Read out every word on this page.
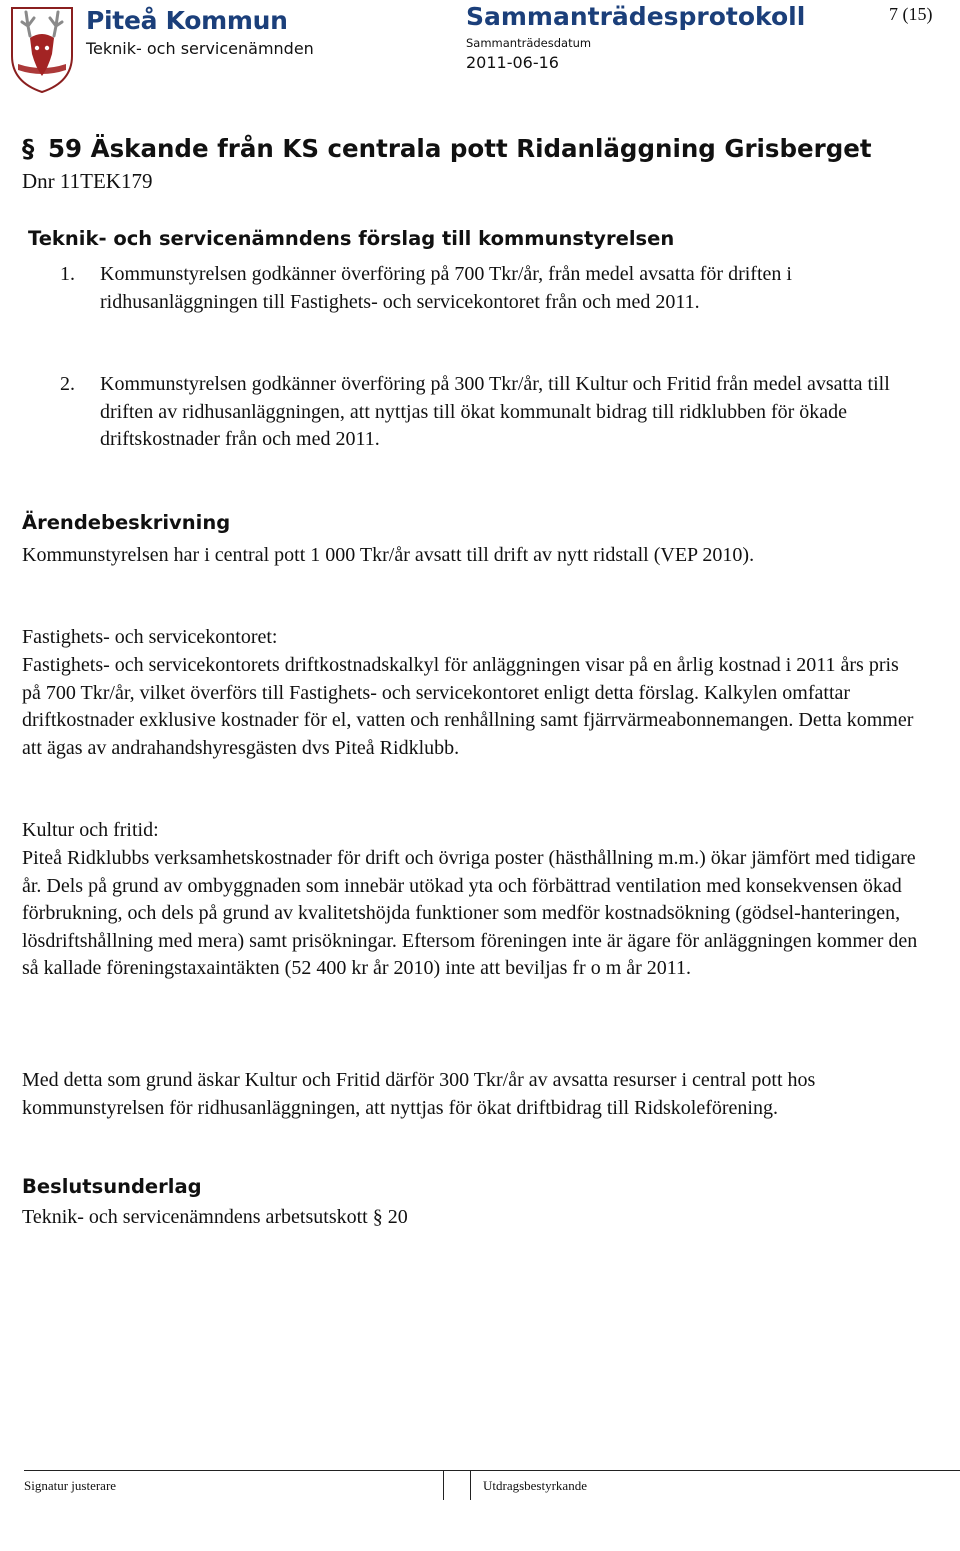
Piteå Kommun
Teknik- och servicenämnden
Sammanträdesprotokoll
Sammanträdesdatum
2011-06-16
7 (15)
§ 59 Äskande från KS centrala pott Ridanläggning Grisberget
Dnr 11TEK179
Teknik- och servicenämndens förslag till kommunstyrelsen
1.	Kommunstyrelsen godkänner överföring på 700 Tkr/år, från medel avsatta för driften i ridhusanläggningen till Fastighets- och servicekontoret från och med 2011.
2.	Kommunstyrelsen godkänner överföring på 300 Tkr/år, till Kultur och Fritid från medel avsatta till driften av ridhusanläggningen, att nyttjas till ökat kommunalt bidrag till ridklubben för ökade driftskostnader från och med 2011.
Ärendebeskrivning
Kommunstyrelsen har i central pott 1 000 Tkr/år avsatt till drift av nytt ridstall (VEP 2010).
Fastighets- och servicekontoret:
Fastighets- och servicekontorets driftkostnadskalkyl för anläggningen visar på en årlig kostnad i 2011 års pris på 700 Tkr/år, vilket överförs till Fastighets- och servicekontoret enligt detta förslag. Kalkylen omfattar driftkostnader exklusive kostnader för el, vatten och renhållning samt fjärrvärmeabonnemangen. Detta kommer att ägas av andrahandshyresgästen dvs Piteå Ridklubb.
Kultur och fritid:
Piteå Ridklubbs verksamhetskostnader för drift och övriga poster (hästhållning m.m.) ökar jämfört med tidigare år. Dels på grund av ombyggnaden som innebär utökad yta och förbättrad ventilation med konsekvensen ökad förbrukning, och dels på grund av kvalitetshöjda funktioner som medför kostnadsökning (gödsel-hanteringen, lösdriftshållning med mera) samt prisökningar. Eftersom föreningen inte är ägare för anläggningen kommer den så kallade föreningstaxaintäkten (52 400 kr år 2010) inte att beviljas fr o m år 2011.
Med detta som grund äskar Kultur och Fritid därför 300 Tkr/år av avsatta resurser i central pott hos kommunstyrelsen för ridhusanläggningen, att nyttjas för ökat driftbidrag till Ridskoleförening.
Beslutsunderlag
Teknik- och servicenämndens arbetsutskott § 20
Signatur justerare	Utdragsbestyrkande
